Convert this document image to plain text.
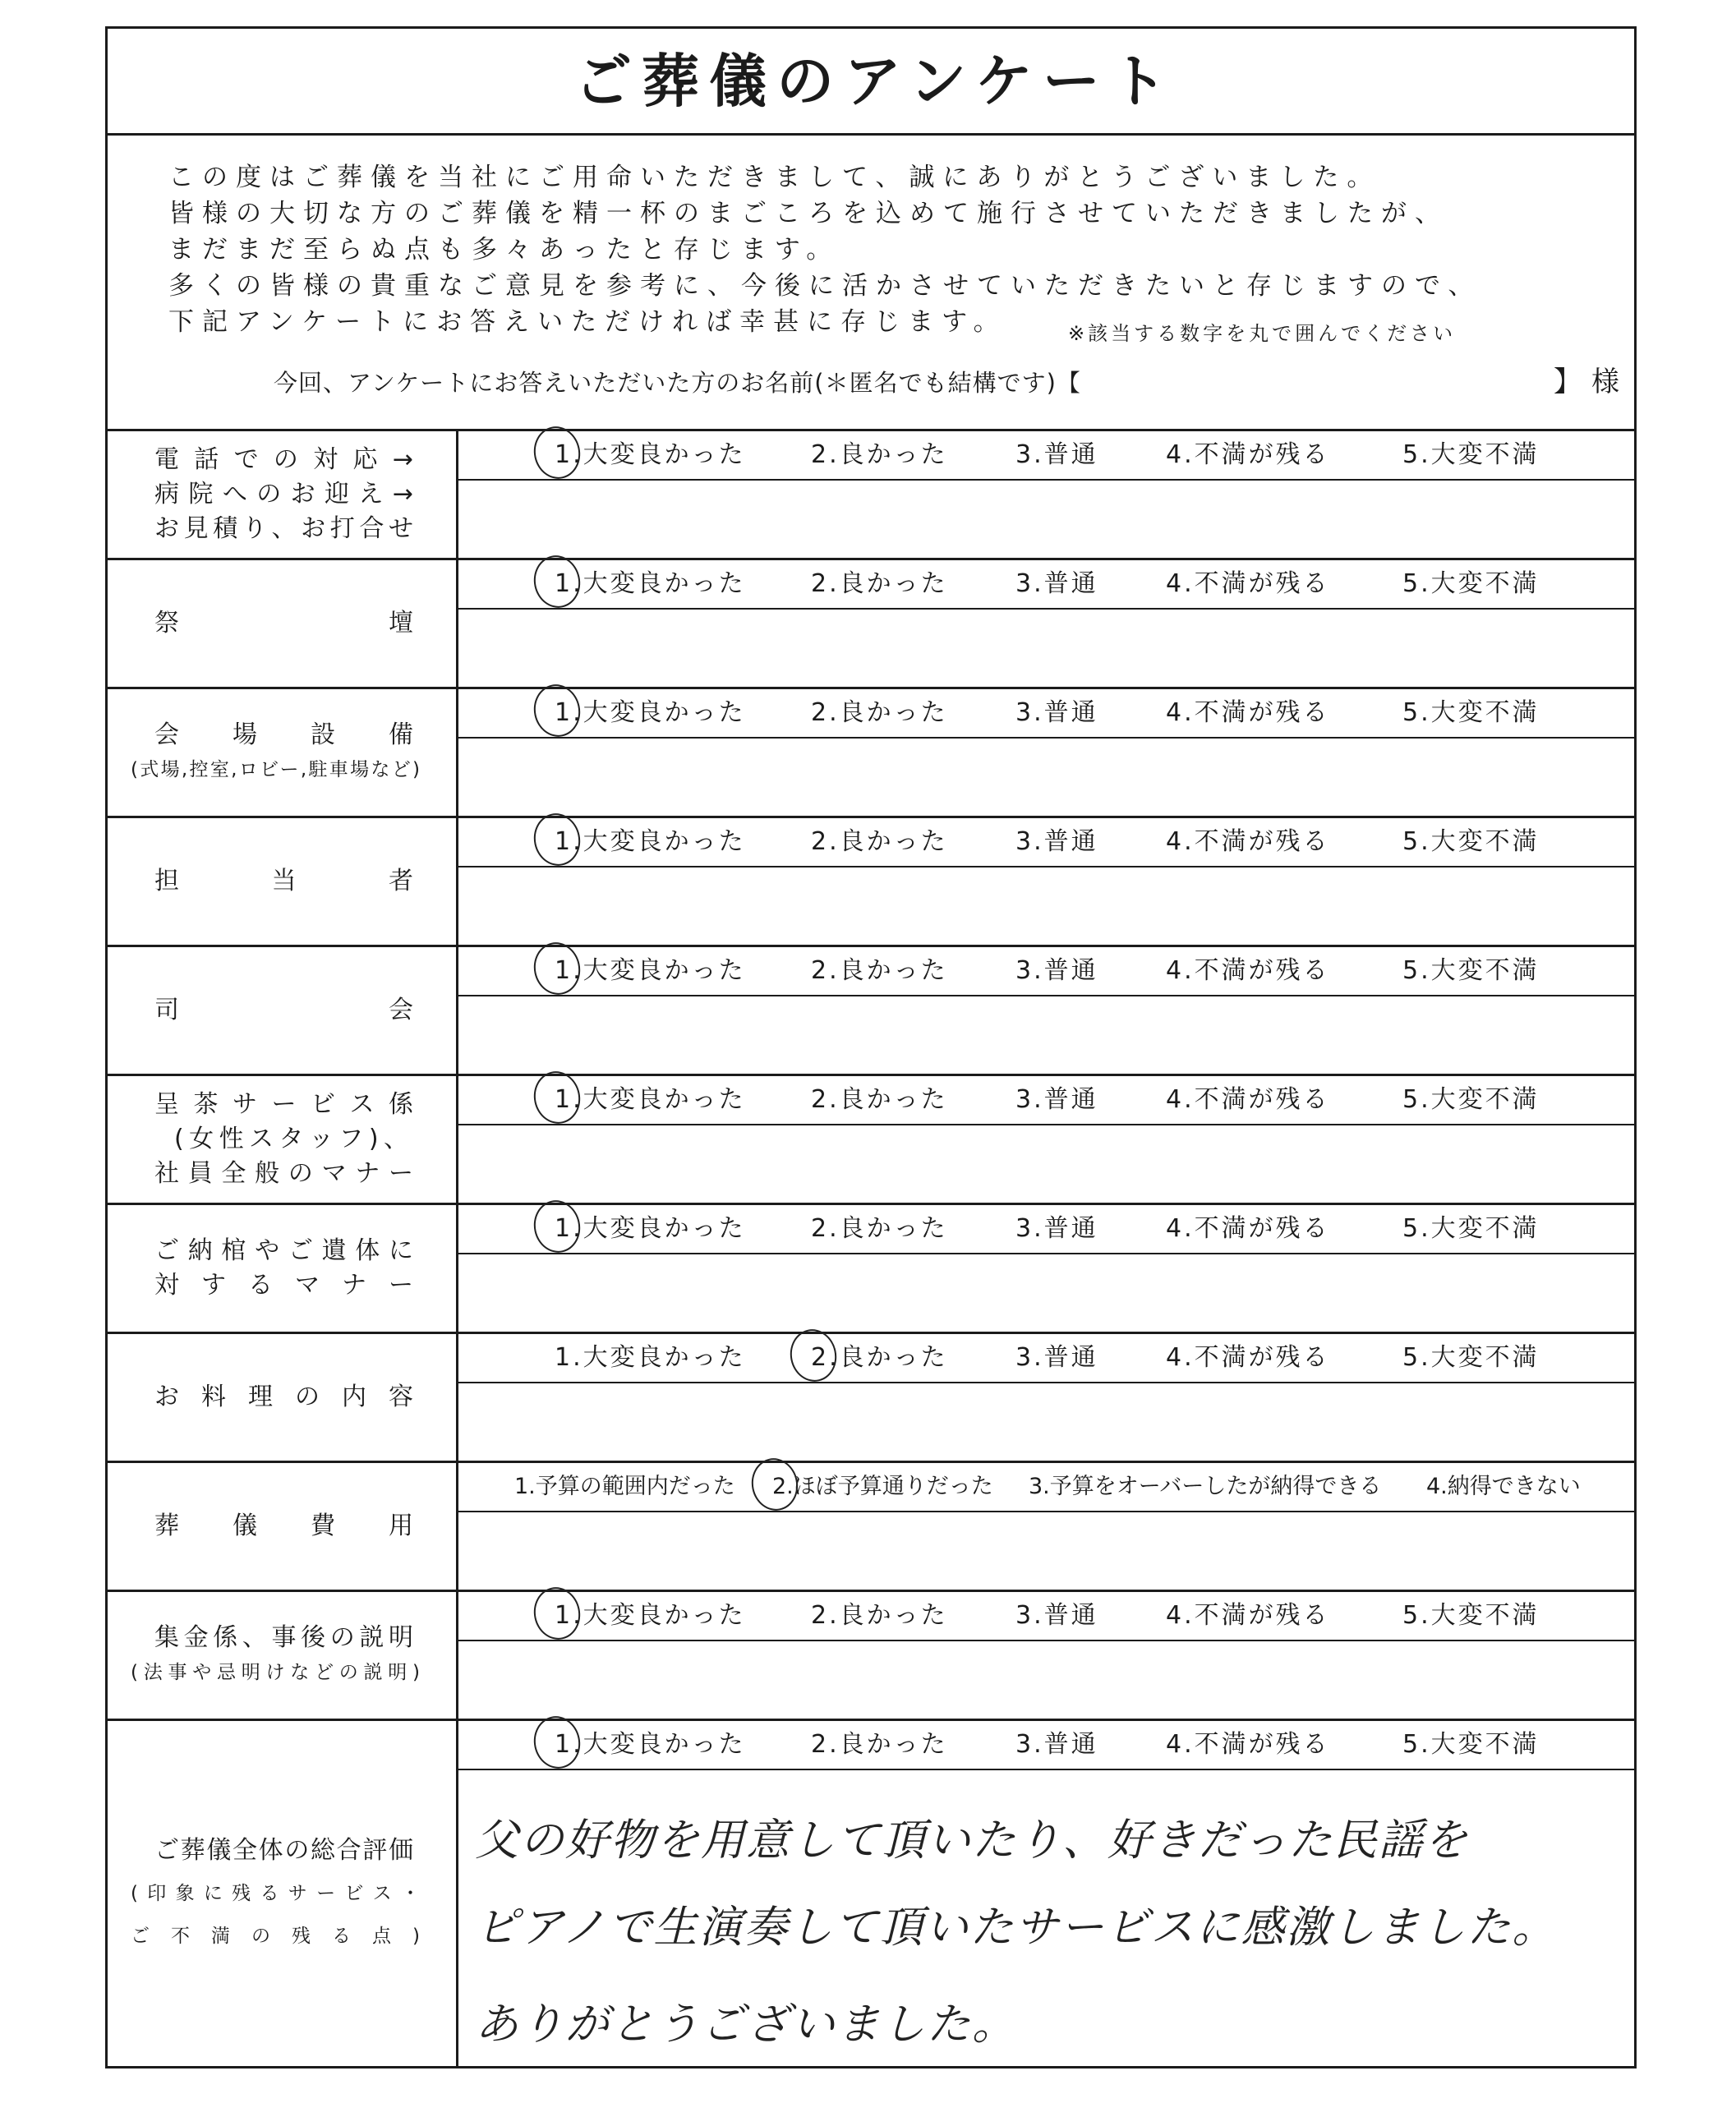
ご葬儀のアンケート
この度はご葬儀を当社にご用命いただきまして、誠にありがとうございました。
皆様の大切な方のご葬儀を精一杯のまごころを込めて施行させていただきましたが、
まだまだ至らぬ点も多々あったと存じます。
多くの皆様の貴重なご意見を参考に、今後に活かさせていただきたいと存じますので、
下記アンケートにお答えいただければ幸甚に存じます。	※該当する数字を丸で囲んでください
今回、アンケートにお答えいただいた方のお名前(＊匿名でも結構です)【	】様
電話での対応→
病院へのお迎え→
お見積り、お打合せ
1.大変良かった	2.良かった	3.普通	4.不満が残る	5.大変不満
祭壇
1.大変良かった	2.良かった	3.普通	4.不満が残る	5.大変不満
会場設備
(式場,控室,ロビー,駐車場など)
1.大変良かった	2.良かった	3.普通	4.不満が残る	5.大変不満
担当者
1.大変良かった	2.良かった	3.普通	4.不満が残る	5.大変不満
司会
1.大変良かった	2.良かった	3.普通	4.不満が残る	5.大変不満
呈茶サービス係
(女性スタッフ)、
社員全般のマナー
1.大変良かった	2.良かった	3.普通	4.不満が残る	5.大変不満
ご納棺やご遺体に
対するマナー
1.大変良かった	2.良かった	3.普通	4.不満が残る	5.大変不満
お料理の内容
1.大変良かった	2.良かった	3.普通	4.不満が残る	5.大変不満
葬儀費用
1.予算の範囲内だった 2.ほぼ予算通りだった 3.予算をオーバーしたが納得できる 4.納得できない
集金係、事後の説明
(法事や忌明けなどの説明)
1.大変良かった	2.良かった	3.普通	4.不満が残る	5.大変不満
ご葬儀全体の総合評価
(印象に残るサービス・
ご不満の残る点)
1.大変良かった	2.良かった	3.普通	4.不満が残る	5.大変不満
父の好物を用意して頂いたり、好きだった民謡を
ピアノで生演奏して頂いたサービスに感激しました。
ありがとうございました。
